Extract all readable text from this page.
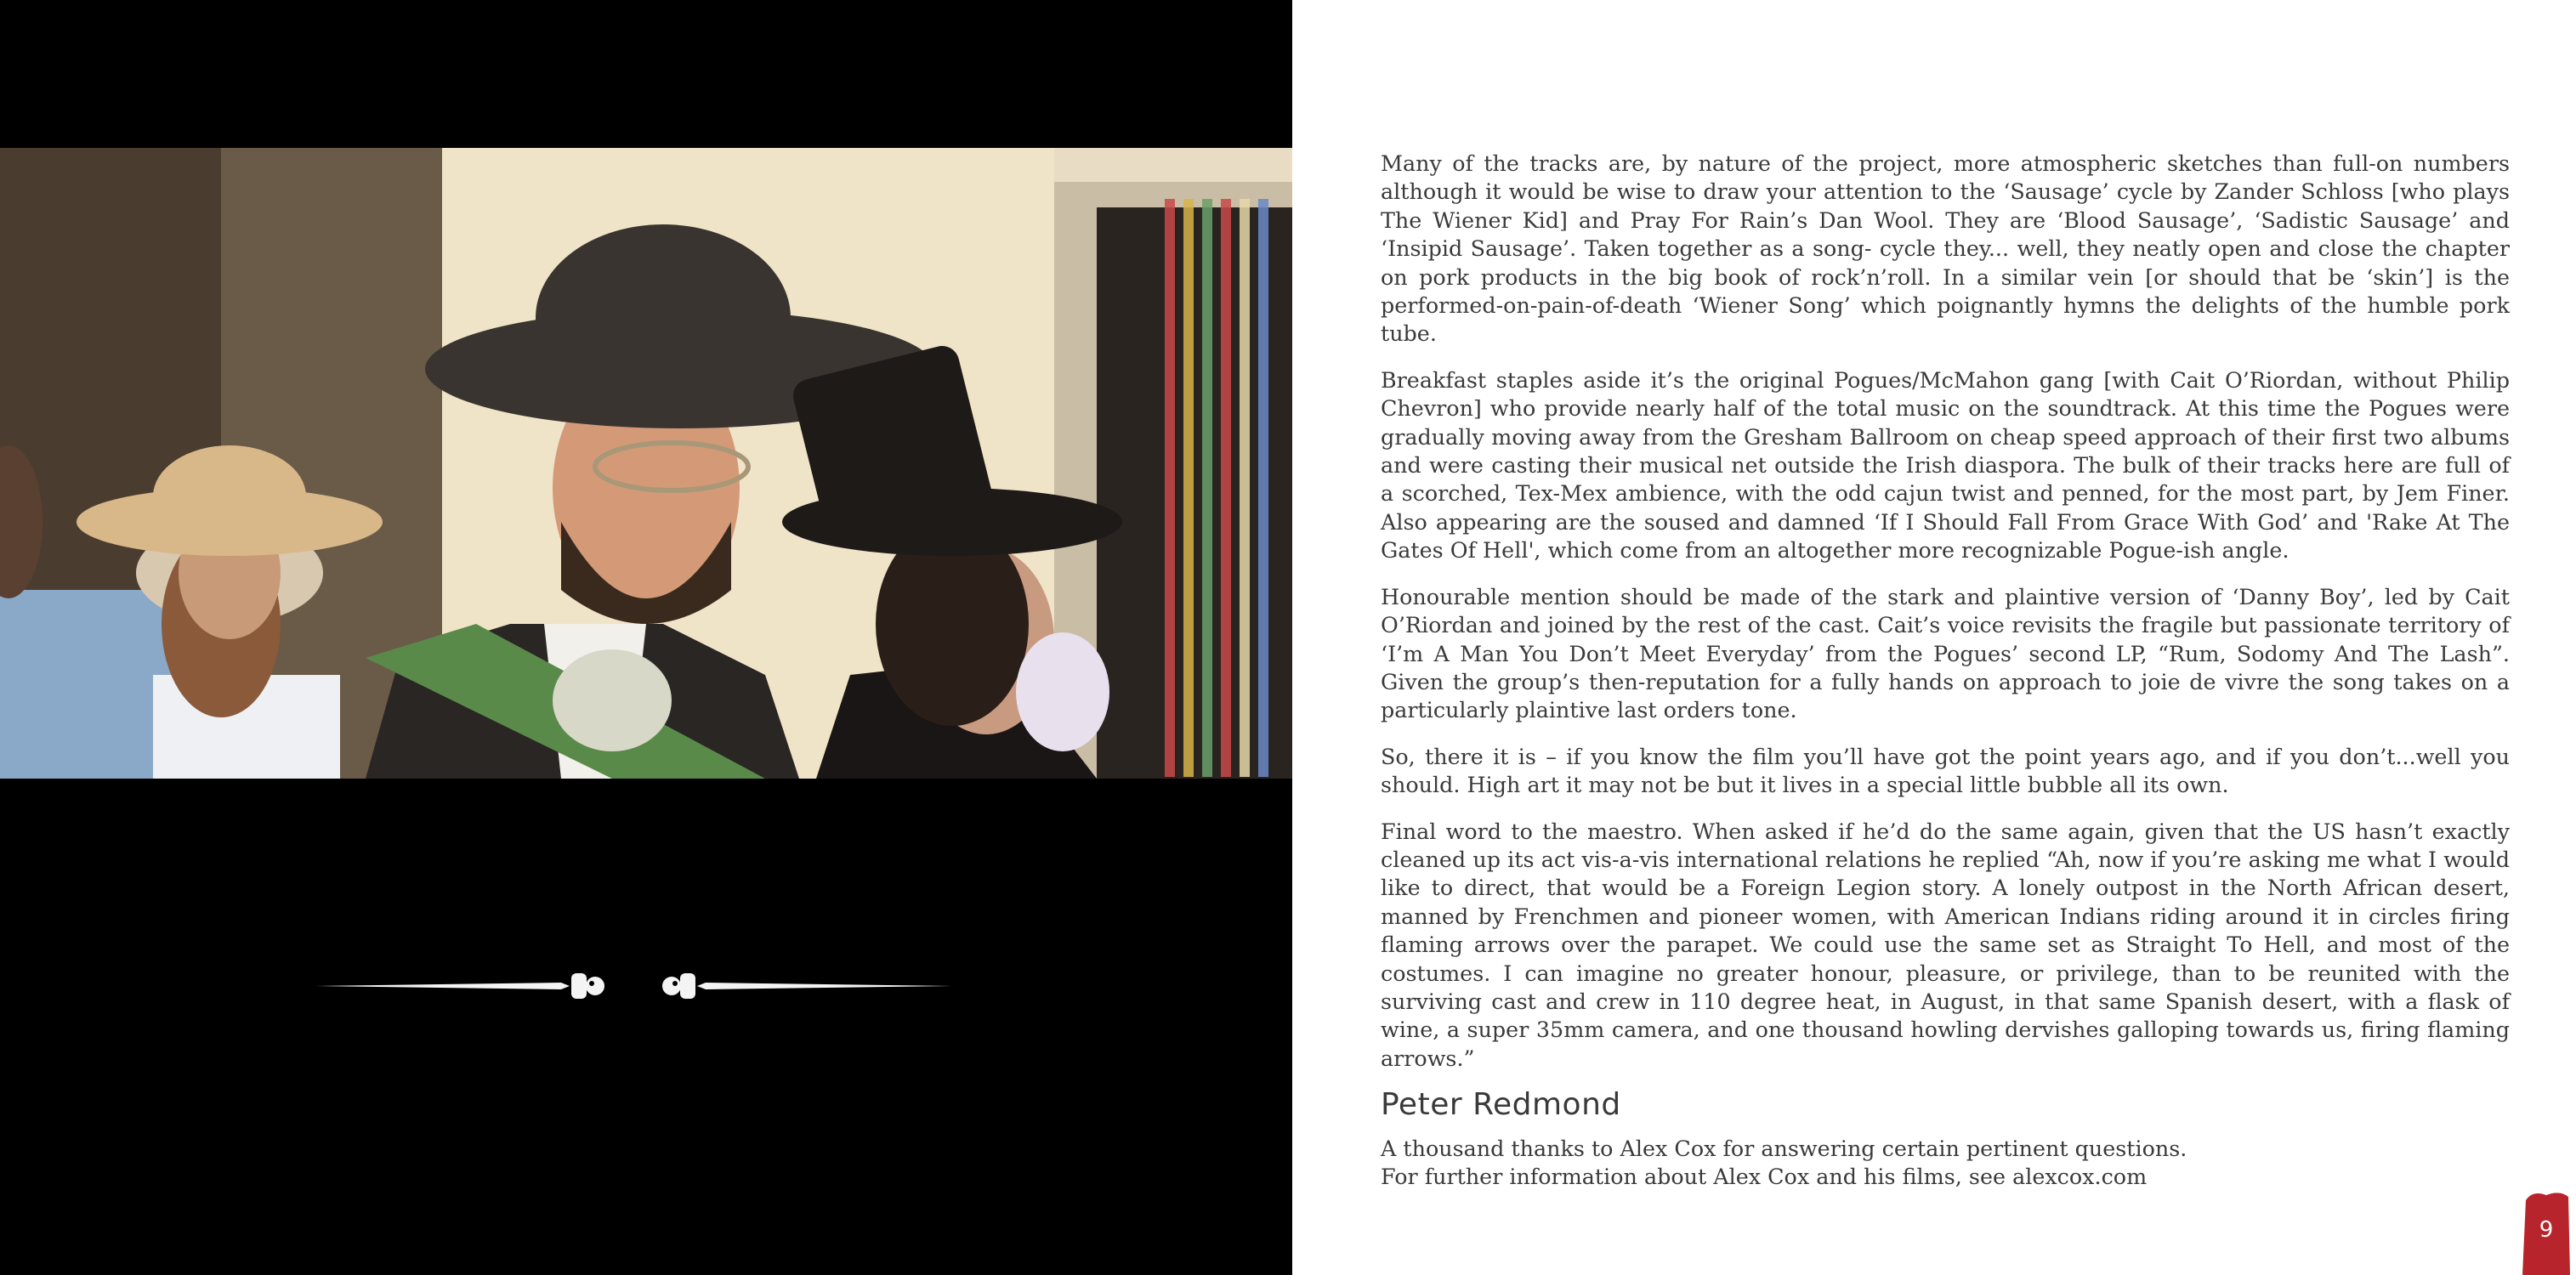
Many of the tracks are, by nature of the project, more atmospheric sketches than full-on numbers although it would be wise to draw your attention to the ‘Sausage’ cycle by Zander Schloss [who plays The Wiener Kid] and Pray For Rain’s Dan Wool. They are ‘Blood Sausage’, ‘Sadistic Sausage’ and ‘Insipid Sausage’. Taken together as a song- cycle they... well, they neatly open and close the chapter on pork products in the big book of rock’n’roll. In a similar vein [or should that be ‘skin’] is the performed-on-pain-of-death ‘Wiener Song’ which poignantly hymns the delights of the humble pork tube.

Breakfast staples aside it’s the original Pogues/McMahon gang [with Cait O’Riordan, without Philip Chevron] who provide nearly half of the total music on the soundtrack. At this time the Pogues were gradually moving away from the Gresham Ballroom on cheap speed approach of their first two albums and were casting their musical net outside the Irish diaspora. The bulk of their tracks here are full of a scorched, Tex-Mex ambience, with the odd cajun twist and penned, for the most part, by Jem Finer. Also appearing are the soused and damned ‘If I Should Fall From Grace With God’ and 'Rake At The Gates Of Hell', which come from an altogether more recognizable Pogue-ish angle.

Honourable mention should be made of the stark and plaintive version of ‘Danny Boy’, led by Cait O’Riordan and joined by the rest of the cast. Cait’s voice revisits the fragile but passionate territory of ‘I’m A Man You Don’t Meet Everyday’ from the Pogues’ second LP, “Rum, Sodomy And The Lash”. Given the group’s then-reputation for a fully hands on approach to joie de vivre the song takes on a particularly plaintive last orders tone.

So, there it is – if you know the film you’ll have got the point years ago, and if you don’t...well you should. High art it may not be but it lives in a special little bubble all its own.

Final word to the maestro. When asked if he’d do the same again, given that the US hasn’t exactly cleaned up its act vis-a-vis international relations he replied “Ah, now if you’re asking me what I would like to direct, that would be a Foreign Legion story. A lonely outpost in the North African desert, manned by Frenchmen and pioneer women, with American Indians riding around it in circles firing flaming arrows over the parapet. We could use the same set as Straight To Hell, and most of the costumes. I can imagine no greater honour, pleasure, or privilege, than to be reunited with the surviving cast and crew in 110 degree heat, in August, in that same Spanish desert, with a flask of wine, a super 35mm camera, and one thousand howling dervishes galloping towards us, firing flaming arrows.”

Peter Redmond
A thousand thanks to Alex Cox for answering certain pertinent questions.
For further information about Alex Cox and his films, see alexcox.com
9
